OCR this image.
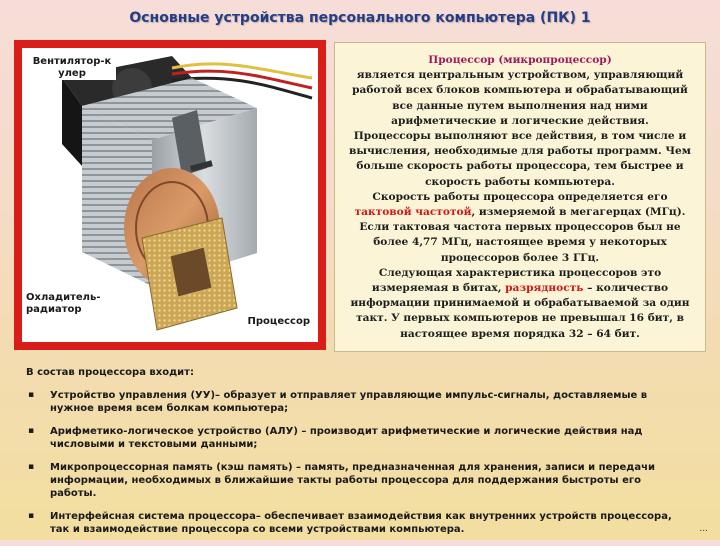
Основные устройства персонального компьютера (ПК) 1
Вентилятор-к улер
Охладитель-радиатор
Процессор

Процессор (микропроцессор)

является центральным устройством, управляющий работой всех блоков компьютера и обрабатывающий все данные путем выполнения над ними арифметические и логические действия.

Процессоры выполняют все действия, в том числе и вычисления, необходимые для работы программ. Чем больше скорость работы процессора, тем быстрее и скорость работы компьютера.

Скорость работы процессора определяется его тактовой частотой, измеряемой в мегагерцах (МГц). Если тактовая частота первых процессоров был не более 4,77 МГц, настоящее время у некоторых процессоров более 3 ГГц.

Следующая характеристика процессоров это измеряемая в битах, разрядность – количество информации принимаемой и обрабатываемой за один такт. У первых компьютеров не превышал 16 бит, в настоящее время порядка 32 – 64 бит.

В состав процессора входит:

▪ Устройство управления (УУ)– образует и отправляет управляющие импульс-сигналы, доставляемые в нужное время всем болкам компьютера;
▪ Арифметико-логическое устройство (АЛУ) – производит арифметические и логические действия над числовыми и текстовыми данными;
▪ Микропроцессорная память (кэш память) – память, предназначенная для хранения, записи и передачи информации, необходимых в ближайшие такты работы процессора для поддержания быстроты его работы.
▪ Интерфейсная система процессора– обеспечивает взаимодействия как внутренних устройств процессора, так и взаимодействие процессора со всеми устройствами компьютера.	...
